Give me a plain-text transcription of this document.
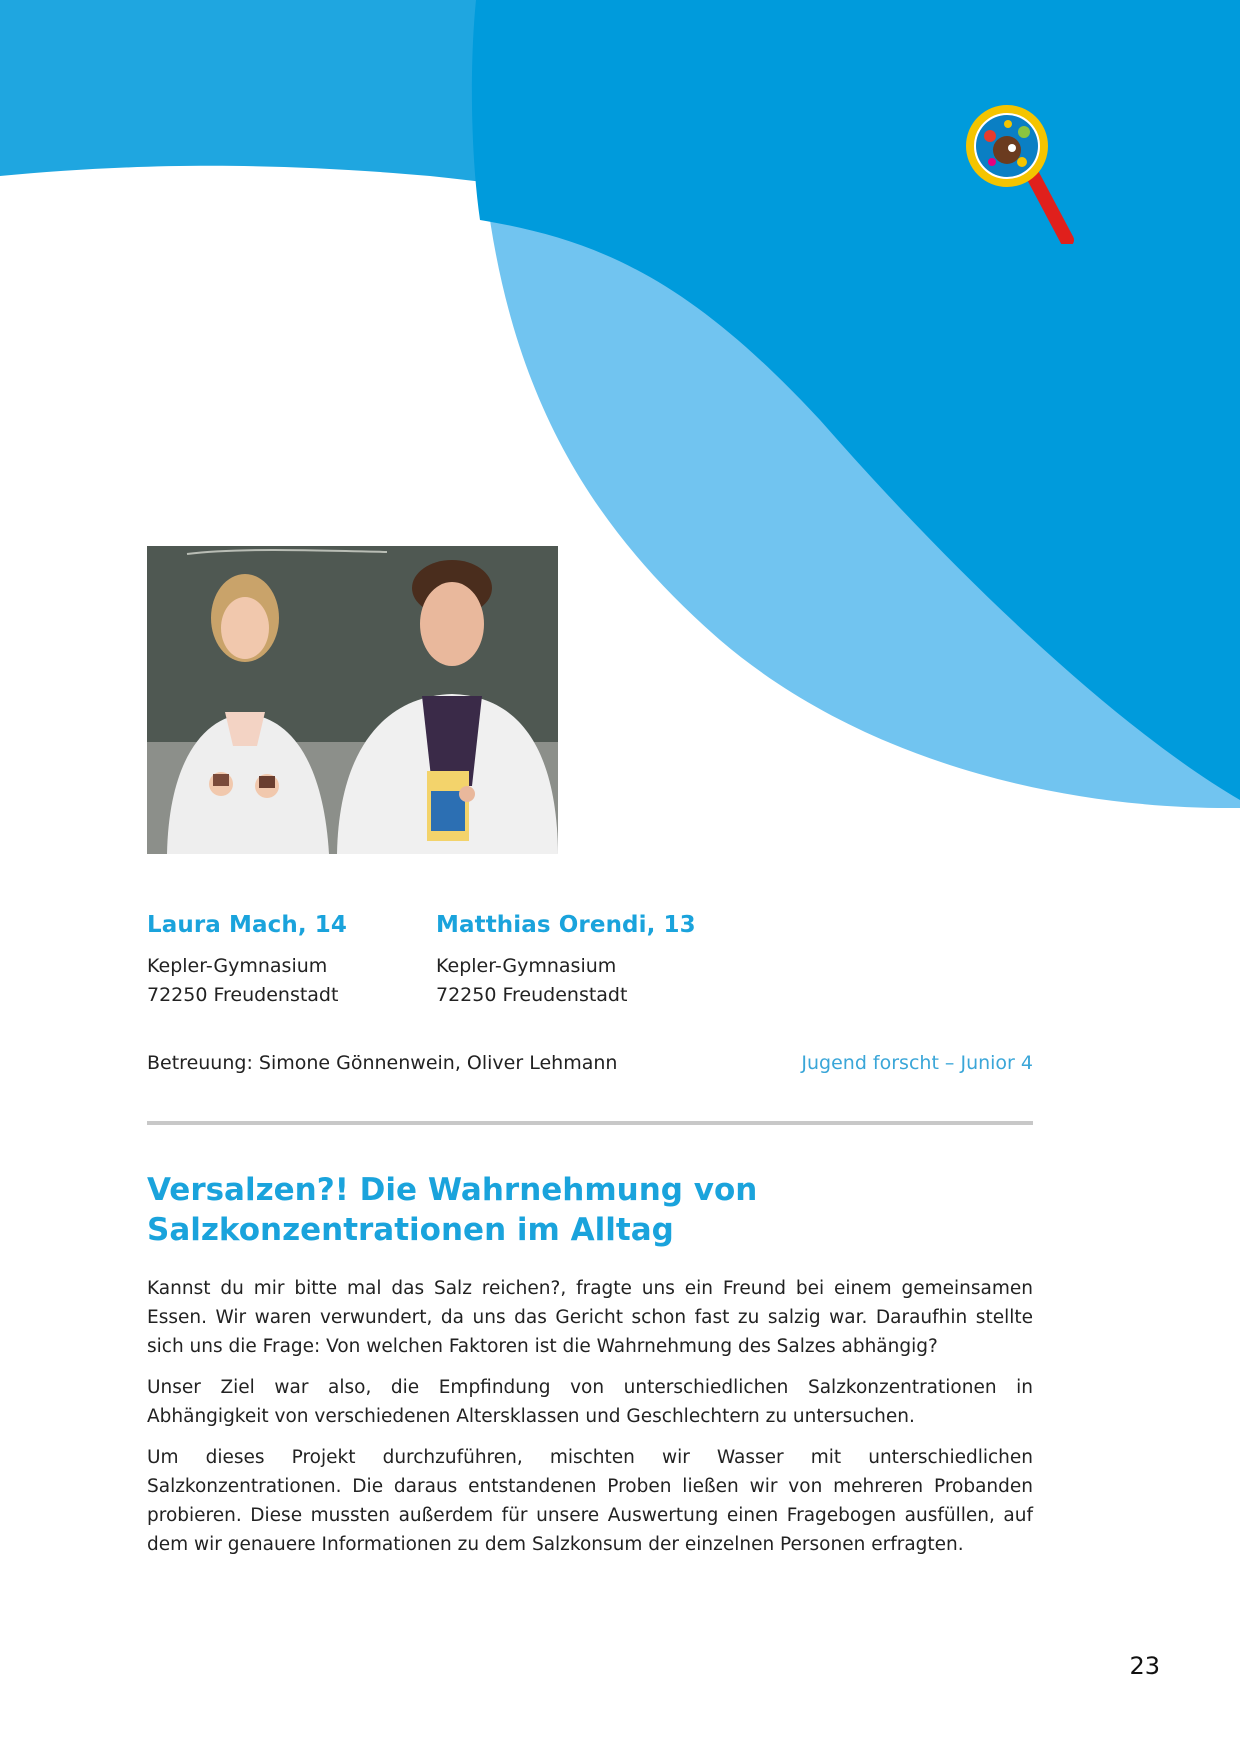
Laura Mach, 14
Kepler-Gymnasium
72250 Freudenstadt
Matthias Orendi, 13
Kepler-Gymnasium
72250 Freudenstadt
Betreuung: Simone Gönnenwein, Oliver Lehmann	Jugend forscht – Junior 4
Versalzen?! Die Wahrnehmung von Salzkonzentrationen im Alltag

Kannst du mir bitte mal das Salz reichen?, fragte uns ein Freund bei einem gemeinsamen Essen. Wir waren verwundert, da uns das Gericht schon fast zu salzig war. Daraufhin stellte sich uns die Frage: Von welchen Faktoren ist die Wahrnehmung des Salzes abhängig?

Unser Ziel war also, die Empfindung von unterschiedlichen Salzkonzentrationen in Abhängigkeit von verschiedenen Altersklassen und Geschlechtern zu untersuchen.

Um dieses Projekt durchzuführen, mischten wir Wasser mit unterschiedlichen Salzkonzentrationen. Die daraus entstandenen Proben ließen wir von mehreren Probanden probieren. Diese mussten außerdem für unsere Auswertung einen Fragebogen ausfüllen, auf dem wir genauere Informationen zu dem Salzkonsum der einzelnen Personen erfragten.

23
